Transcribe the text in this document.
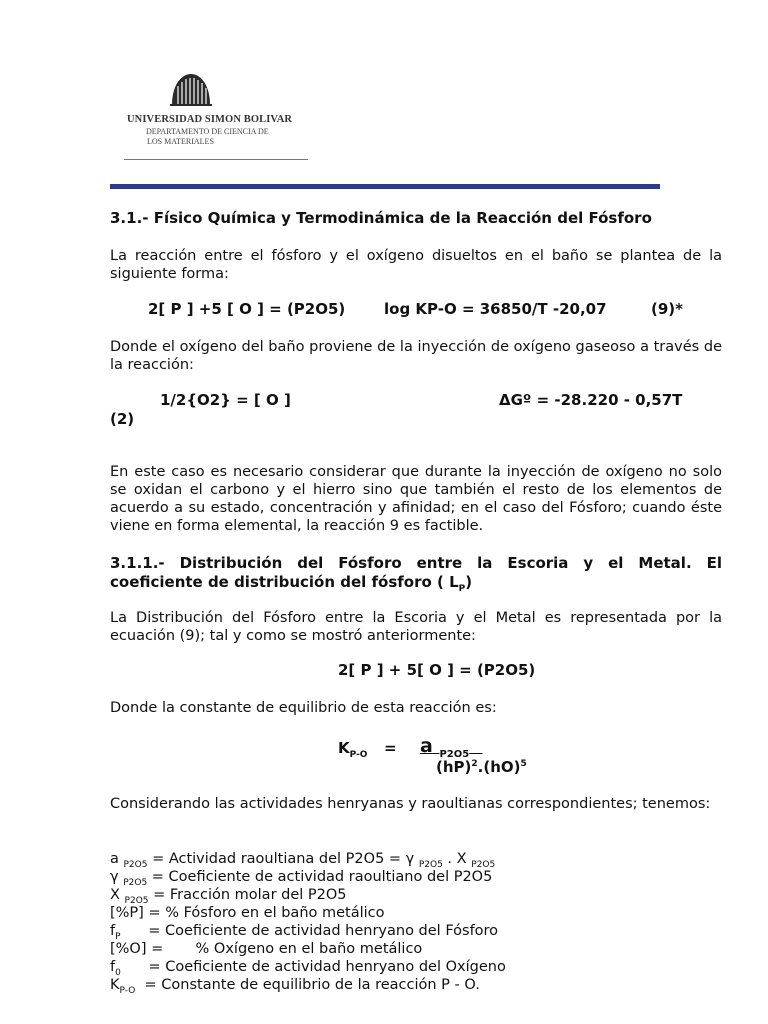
UNIVERSIDAD SIMON BOLIVAR
DEPARTAMENTO DE CIENCIA DE
LOS MATERIALES
3.1.- Físico Química y Termodinámica de la Reacción del Fósforo
La reacción entre el fósforo y el oxígeno disueltos en el baño se plantea de la siguiente forma:
2[ P ] +5 [ O ] = (P2O5)	log KP-O = 36850/T -20,07	(9)*
Donde el oxígeno del baño proviene de la inyección de oxígeno gaseoso a través de la reacción:
1/2{O2} = [ O ]	ΔGº = -28.220 - 0,57T
(2)
En este caso es necesario considerar que durante la inyección de oxígeno no solo se oxidan el carbono y el hierro sino que también el resto de los elementos de acuerdo a su estado, concentración y afinidad; en el caso del Fósforo; cuando éste viene en forma elemental, la reacción 9 es factible.
3.1.1.- Distribución del Fósforo entre la Escoria y el Metal. El coeficiente de distribución del fósforo ( $L_P$)
La Distribución del Fósforo entre la Escoria y el Metal es representada por la ecuación (9); tal y como se mostró anteriormente:
2[ P ] + 5[ O ] = (P2O5)
Donde la constante de equilibrio de esta reacción es:
$K_{P-O} = a$ $_{P2O5}$
(hP)$^2$.(hO)$^5$
Considerando las actividades henryanas y raoultianas correspondientes; tenemos:
a $_{P2O5}$ = Actividad raoultiana del P2O5 = γ $_{P2O5}$ . X $_{P2O5}$
γ $_{P2O5}$ = Coeficiente de actividad raoultiano del P2O5
X $_{P2O5}$ = Fracción molar del P2O5
[%P] = % Fósforo en el baño metálico
$f_P$      = Coeficiente de actividad henryano del Fósforo
[%O] =       % Oxígeno en el baño metálico
$f_0$      = Coeficiente de actividad henryano del Oxígeno
$K_{P-O}$  = Constante de equilibrio de la reacción P - O.
